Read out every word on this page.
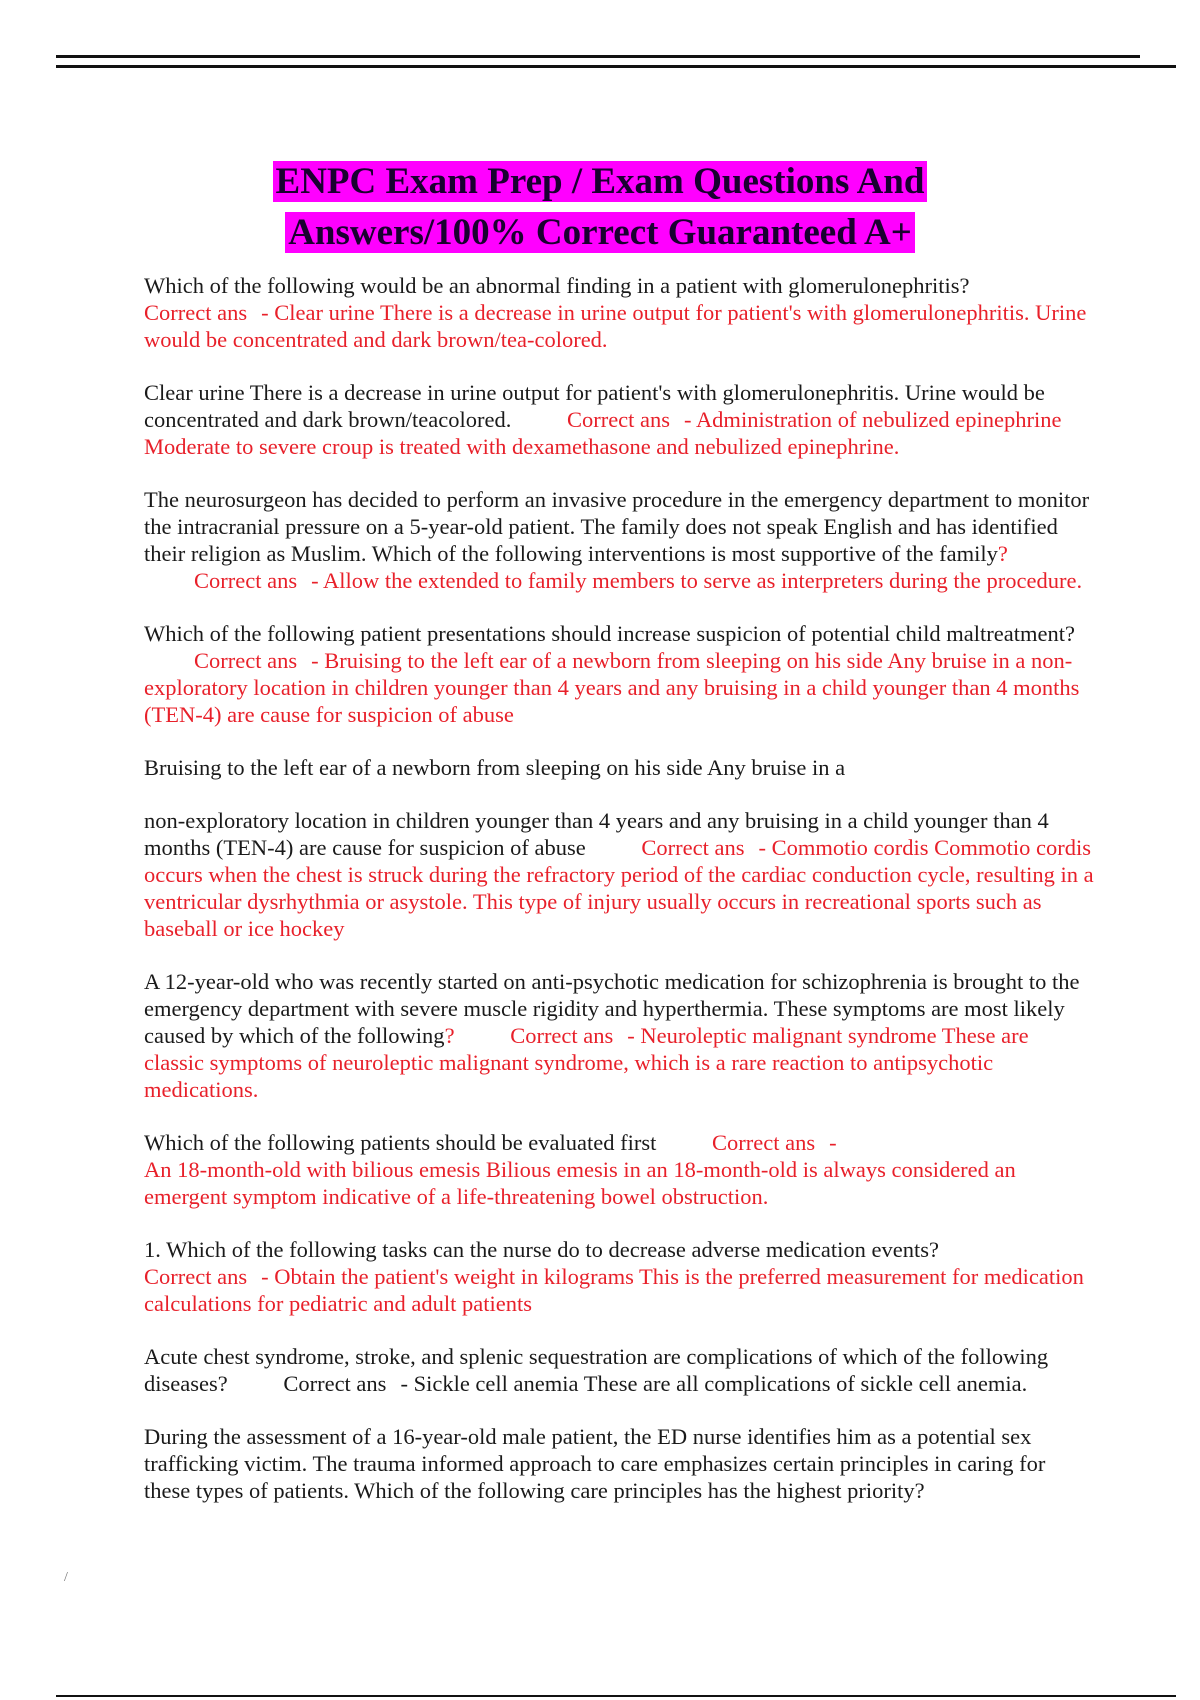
ENPC Exam Prep / Exam Questions And
Answers/100% Correct Guaranteed A+
Which of the following would be an abnormal finding in a patient with glomerulonephritis?
Correct ans - Clear urine There is a decrease in urine output for patient's with glomerulonephritis. Urine would be concentrated and dark brown/tea-colored.
Clear urine There is a decrease in urine output for patient's with glomerulonephritis. Urine would be concentrated and dark brown/teacolored. Correct ans - Administration of nebulized epinephrine Moderate to severe croup is treated with dexamethasone and nebulized epinephrine.
The neurosurgeon has decided to perform an invasive procedure in the emergency department to monitor the intracranial pressure on a 5-year-old patient. The family does not speak English and has identified their religion as Muslim. Which of the following interventions is most supportive of the family? Correct ans - Allow the extended to family members to serve as interpreters during the procedure.
Which of the following patient presentations should increase suspicion of potential child maltreatment? Correct ans - Bruising to the left ear of a newborn from sleeping on his side Any bruise in a non-exploratory location in children younger than 4 years and any bruising in a child younger than 4 months (TEN-4) are cause for suspicion of abuse
Bruising to the left ear of a newborn from sleeping on his side Any bruise in a
non-exploratory location in children younger than 4 years and any bruising in a child younger than 4 months (TEN-4) are cause for suspicion of abuse Correct ans - Commotio cordis Commotio cordis occurs when the chest is struck during the refractory period of the cardiac conduction cycle, resulting in a ventricular dysrhythmia or asystole. This type of injury usually occurs in recreational sports such as baseball or ice hockey
A 12-year-old who was recently started on anti-psychotic medication for schizophrenia is brought to the emergency department with severe muscle rigidity and hyperthermia. These symptoms are most likely caused by which of the following? Correct ans - Neuroleptic malignant syndrome These are classic symptoms of neuroleptic malignant syndrome, which is a rare reaction to antipsychotic medications.
Which of the following patients should be evaluated first Correct ans -
An 18-month-old with bilious emesis Bilious emesis in an 18-month-old is always considered an emergent symptom indicative of a life-threatening bowel obstruction.
1. Which of the following tasks can the nurse do to decrease adverse medication events?
Correct ans - Obtain the patient's weight in kilograms This is the preferred measurement for medication calculations for pediatric and adult patients
Acute chest syndrome, stroke, and splenic sequestration are complications of which of the following diseases? Correct ans - Sickle cell anemia These are all complications of sickle cell anemia.
During the assessment of a 16-year-old male patient, the ED nurse identifies him as a potential sex trafficking victim. The trauma informed approach to care emphasizes certain principles in caring for these types of patients. Which of the following care principles has the highest priority?
/
